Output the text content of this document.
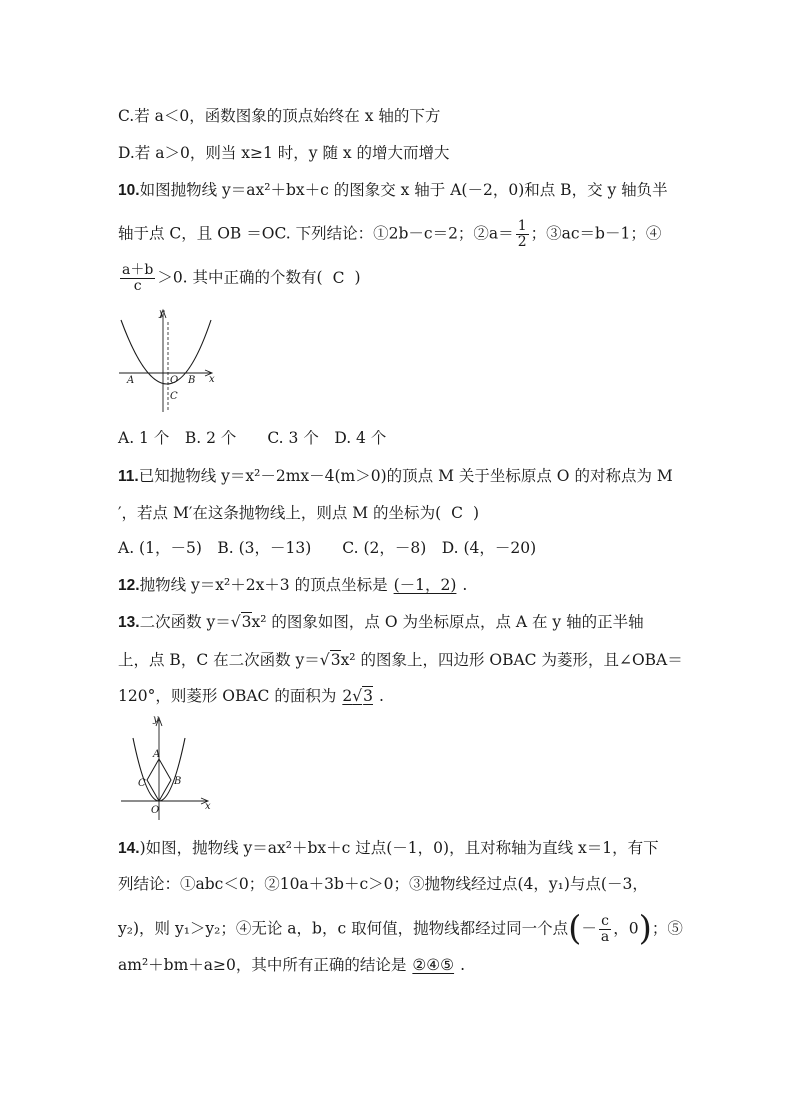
C.若 a＜0，函数图象的顶点始终在 x 轴的下方
D.若 a＞0，则当 x≥1 时，y 随 x 的增大而增大
10.如图抛物线 y＝ax²＋bx＋c 的图象交 x 轴于 A(－2，0)和点 B，交 y 轴负半
轴于点 C，且 OB ＝OC. 下列结论：①2b－c＝2；②a＝ $\frac{1}{2}$ ；③ac＝b－1；④
$\frac{a+b}{c} >0$. 其中正确的个数有( C )
y
x
A	O B
C
A. 1 个　B. 2 个　　C. 3 个　D. 4 个
11.已知抛物线 y＝x²－2mx－4(m＞0)的顶点 M 关于坐标原点 O 的对称点为 M
′，若点 M′在这条抛物线上，则点 M 的坐标为( C )
A. (1，－5)　B. (3，－13)　　C. (2，－8)　D. (4，－20)
12.抛物线 y＝x²＋2x＋3 的顶点坐标是 (－1，2) .
13.二次函数 y＝√3x² 的图象如图，点 O 为坐标原点，点 A 在 y 轴的正半轴
上，点 B，C 在二次函数 y＝√3x² 的图象上，四边形 OBAC 为菱形，且∠OBA＝
120°，则菱形 OBAC 的面积为 2√3 .
y
x
A
B
C
O
14.)如图，抛物线 y＝ax²＋bx＋c 过点(－1，0)，且对称轴为直线 x＝1，有下
列结论：①abc＜0；②10a＋3b＋c＞0；③抛物线经过点(4，y₁)与点(－3，
y₂)，则 y₁＞y₂；④无论 a，b，c 取何值，抛物线都经过同一个点(－ $\frac{c}{a}$ ，0)；⑤
am²＋bm＋a≥0，其中所有正确的结论是 ②④⑤ .
